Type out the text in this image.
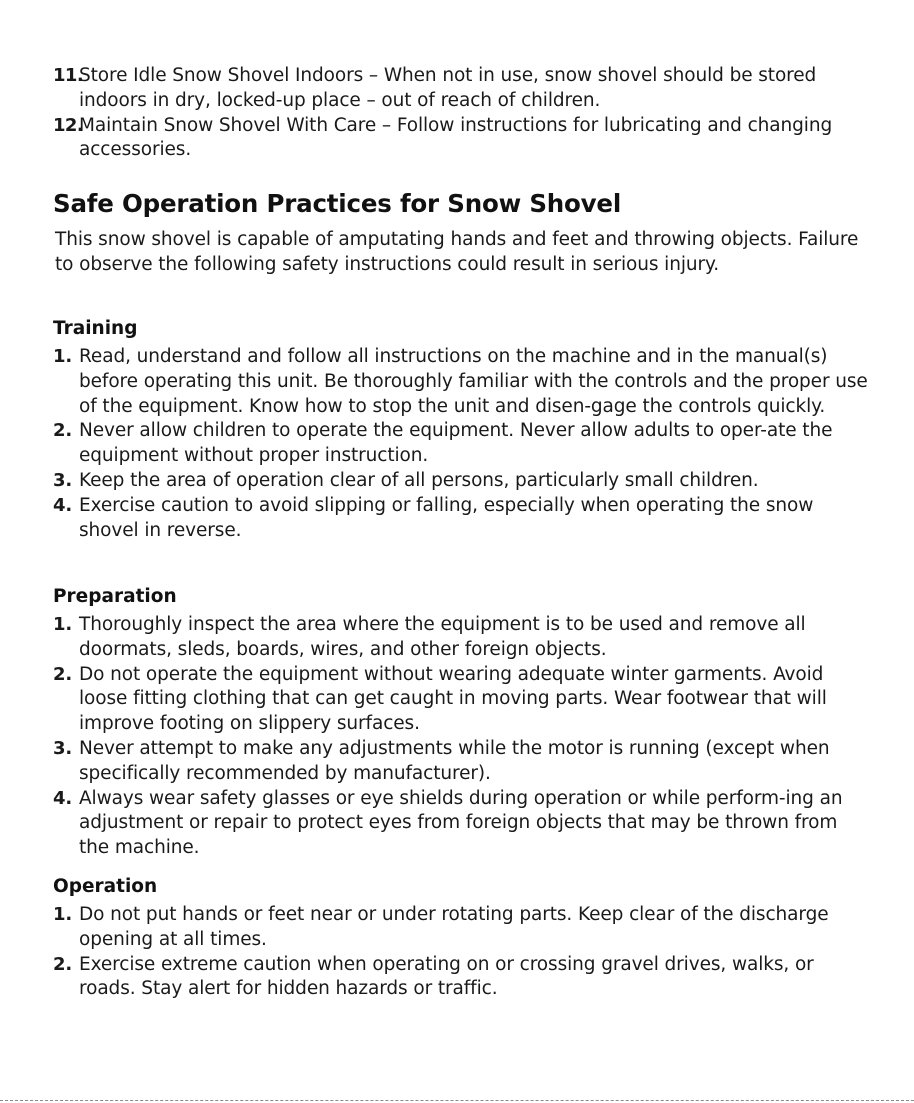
11.
Store Idle Snow Shovel Indoors – When not in use, snow shovel should be stored indoors in dry, locked-up place – out of reach of children.
12.
Maintain Snow Shovel With Care – Follow instructions for lubricating and changing accessories.
Safe Operation Practices for Snow Shovel

This snow shovel is capable of amputating hands and feet and throwing objects. Failure to observe the following safety instructions could result in serious injury.

Training
1. Read, understand and follow all instructions on the machine and in the manual(s) before operating this unit. Be thoroughly familiar with the controls and the proper use of the equipment. Know how to stop the unit and disen-gage the controls quickly.
2. Never allow children to operate the equipment. Never allow adults to oper-ate the equipment without proper instruction.
3. Keep the area of operation clear of all persons, particularly small children.
4. Exercise caution to avoid slipping or falling, especially when operating the snow shovel in reverse.
Preparation
1. Thoroughly inspect the area where the equipment is to be used and remove all doormats, sleds, boards, wires, and other foreign objects.
2. Do not operate the equipment without wearing adequate winter garments. Avoid loose fitting clothing that can get caught in moving parts. Wear footwear that will improve footing on slippery surfaces.
3. Never attempt to make any adjustments while the motor is running (except when specifically recommended by manufacturer).
4. Always wear safety glasses or eye shields during operation or while perform-ing an adjustment or repair to protect eyes from foreign objects that may be thrown from the machine.
Operation
1. Do not put hands or feet near or under rotating parts. Keep clear of the discharge opening at all times.
2. Exercise extreme caution when operating on or crossing gravel drives, walks, or roads. Stay alert for hidden hazards or traffic.
